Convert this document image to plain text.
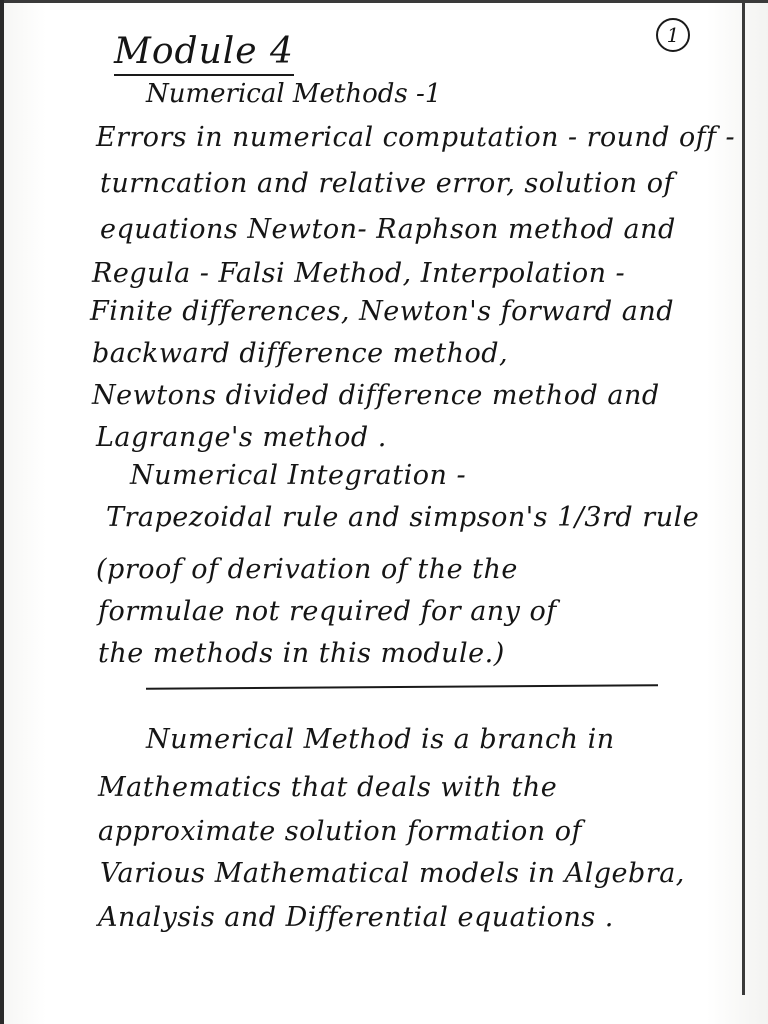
1
Module 4
Numerical Methods -1
Errors in numerical computation - round off -
turncation and relative error, solution of
equations Newton- Raphson method and
Regula - Falsi Method, Interpolation -
Finite differences, Newton's forward and
backward difference method,
Newtons divided difference method and
Lagrange's method .
Numerical Integration -
Trapezoidal rule and simpson's 1/3rd rule
(proof of derivation of the the
formulae not required for any of
the methods in this module.)
Numerical Method is a branch in
Mathematics that deals with the
approximate solution formation of
Various Mathematical models in Algebra,
Analysis and Differential equations .
